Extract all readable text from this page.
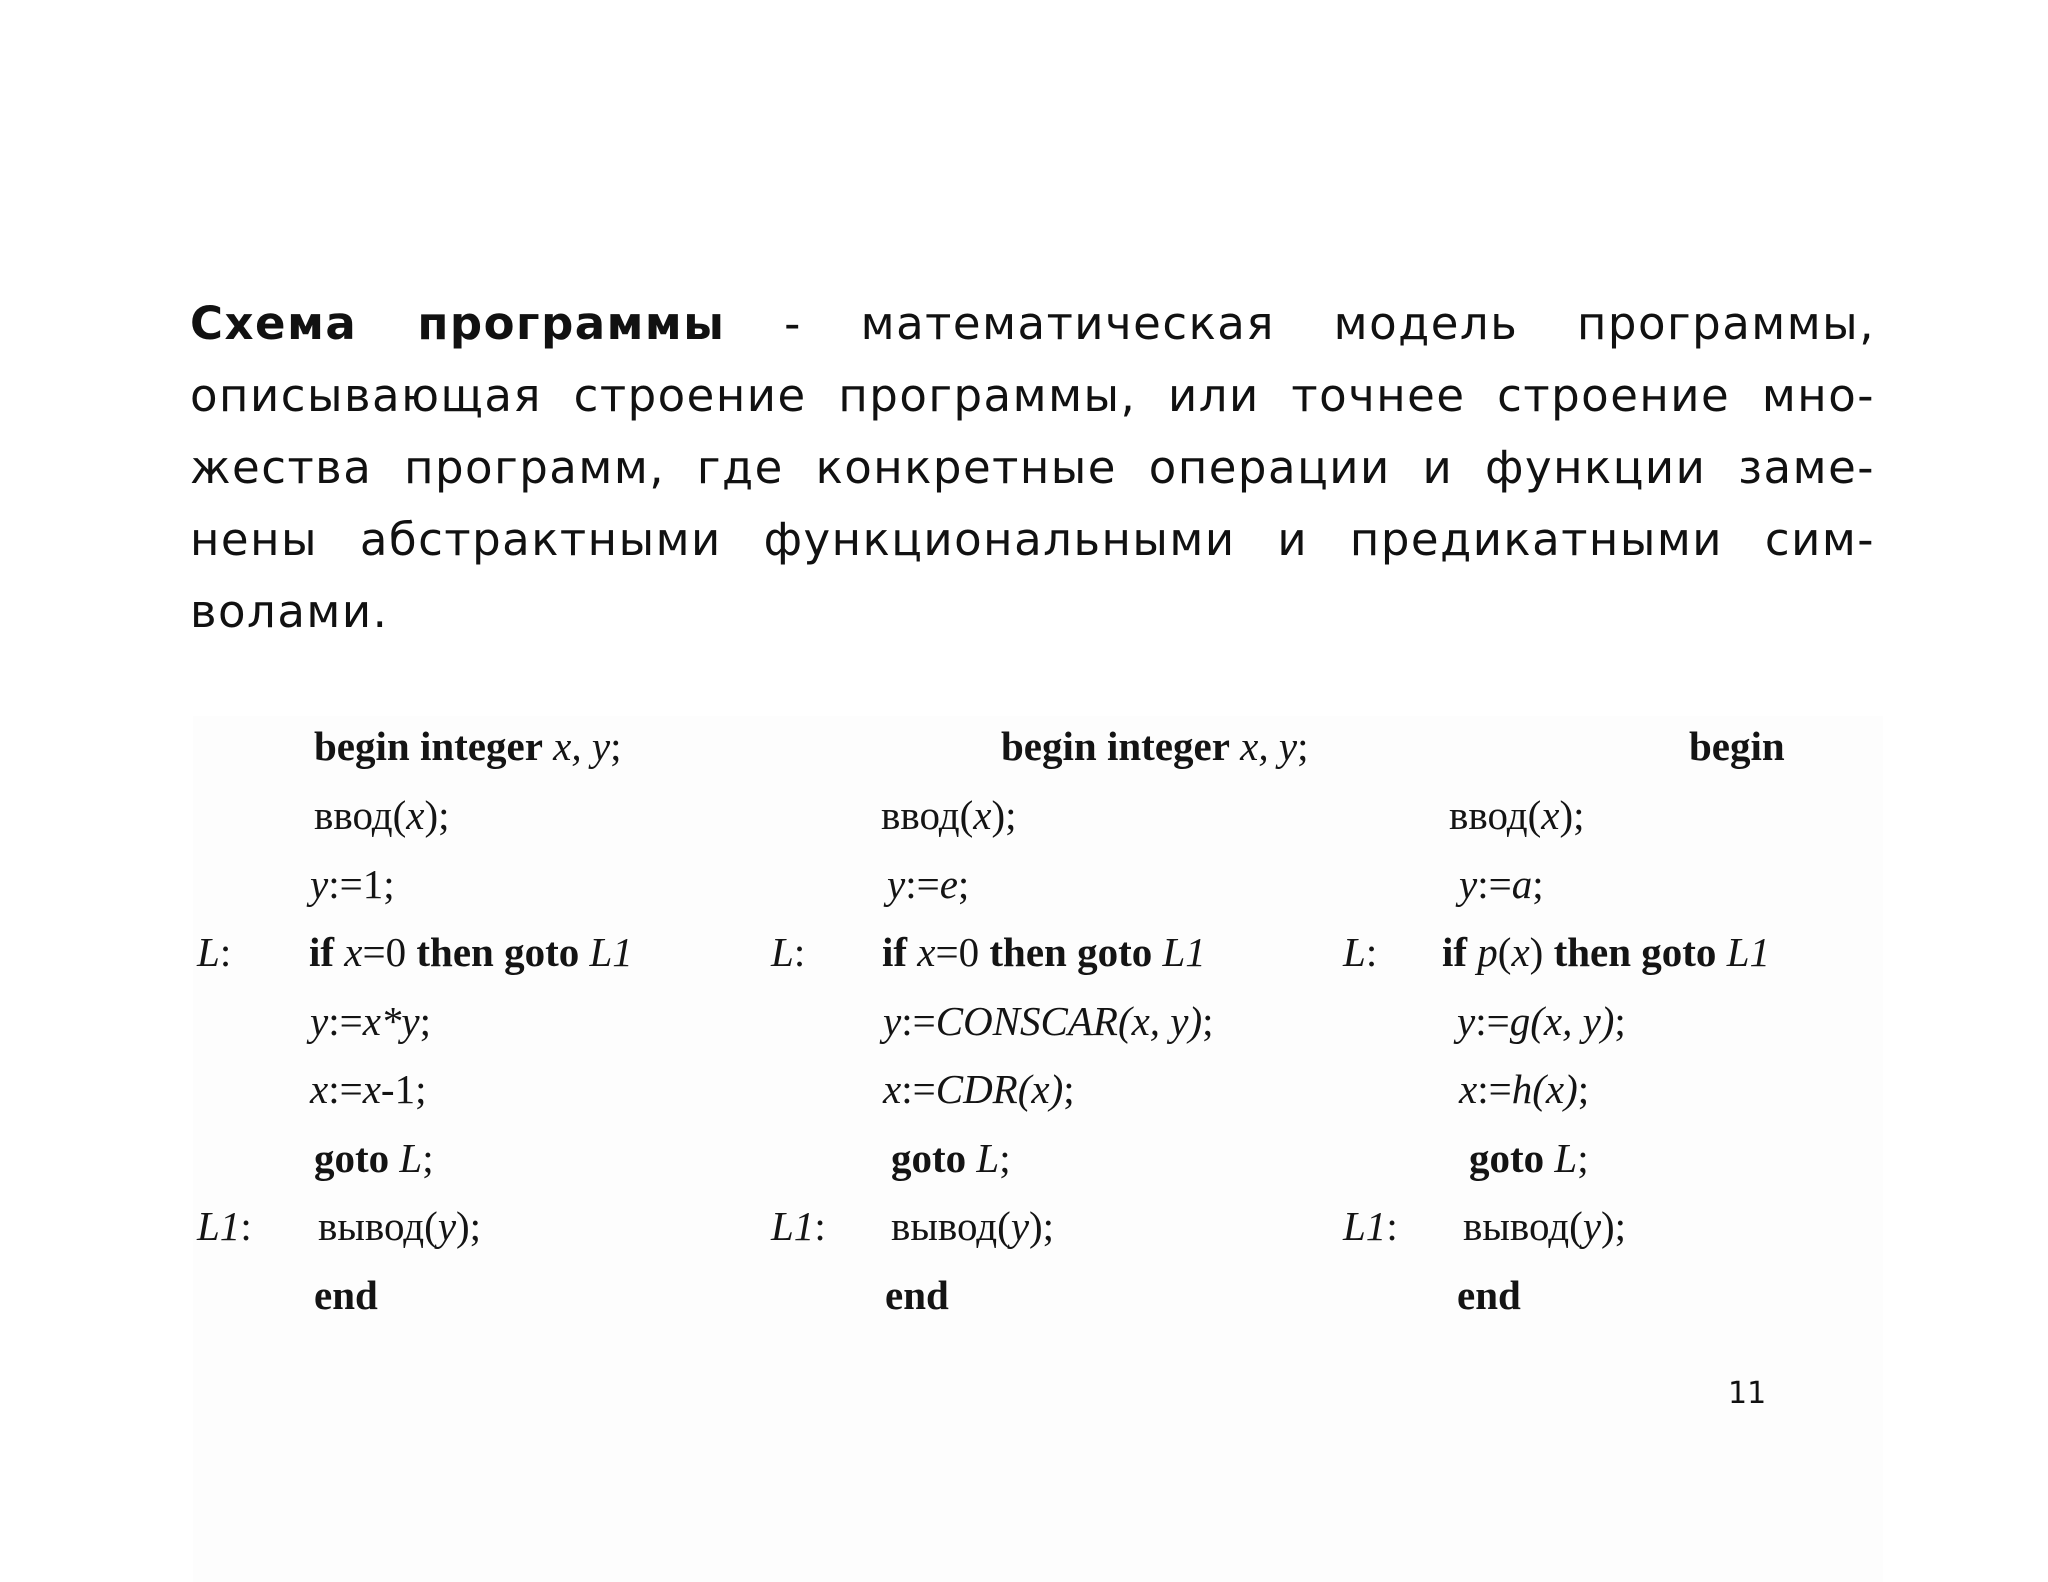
Схема программы - математическая модель программы,
описывающая строение программы, или точнее строение мно-
жества программ, где конкретные операции и функции заме-
нены абстрактными функциональными и предикатными сим-
волами.

begin integer x, y;
ввод(x);
y:=1;
L: if x=0 then goto L1
y:=x*y;
x:=x-1;
goto L;
L1: вывод(y);
end
begin integer x, y;
ввод(x);
y:=e;
L: if x=0 then goto L1
y:=CONSCAR(x, y);
x:=CDR(x);
goto L;
L1: вывод(y);
end
begin
ввод(x);
y:=a;
L: if p(x) then goto L1
y:=g(x, y);
x:=h(x);
goto L;
L1: вывод(y);
end
11
